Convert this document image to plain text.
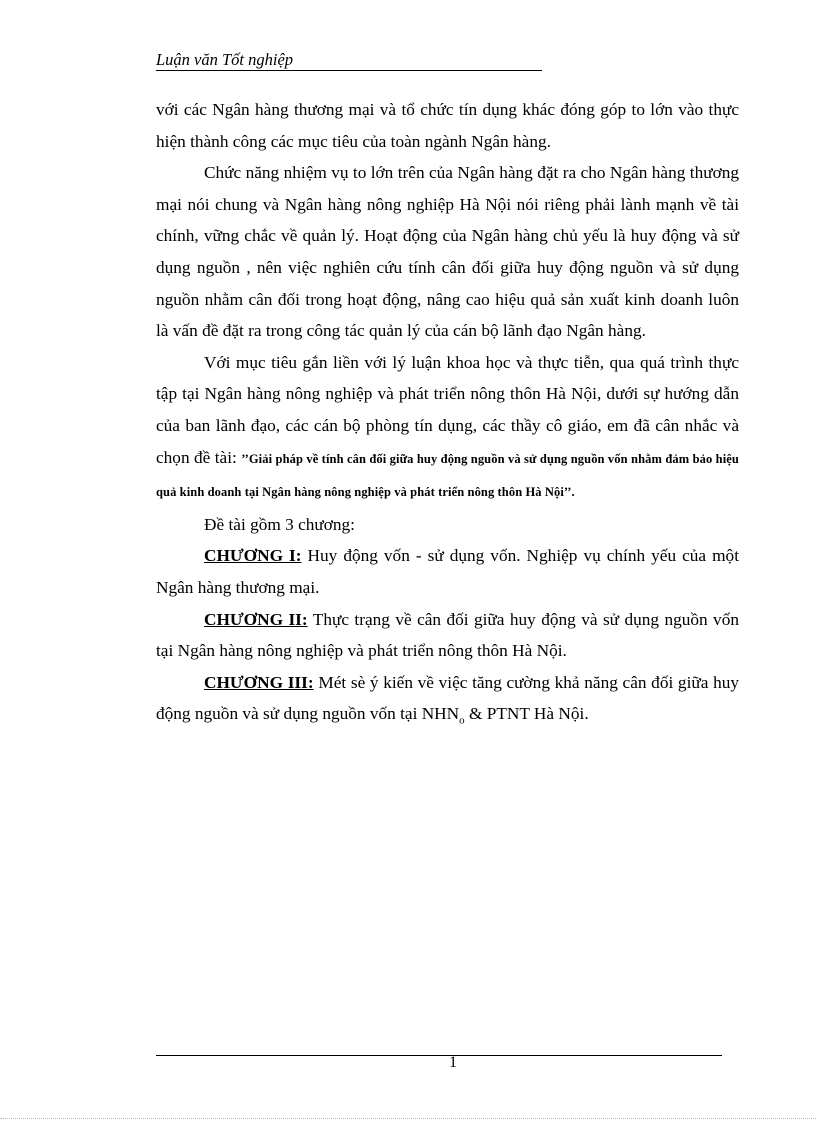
Luận văn Tốt nghiệp

với các Ngân hàng thương mại và tổ chức tín dụng khác đóng góp to lớn vào thực hiện thành công các mục tiêu của toàn ngành Ngân hàng.

Chức năng nhiệm vụ to lớn trên của Ngân hàng đặt ra cho Ngân hàng thương mại nói chung và Ngân hàng nông nghiệp Hà Nội nói riêng phải lành mạnh về tài chính, vững chắc về quản lý. Hoạt động của Ngân hàng chủ yếu là huy động và sử dụng nguồn , nên việc nghiên cứu tính cân đối giữa huy động nguồn và sử dụng nguồn nhằm cân đối trong hoạt động, nâng cao hiệu quả sản xuất kinh doanh luôn là vấn đề đặt ra trong công tác quản lý của cán bộ lãnh đạo Ngân hàng.

Với mục tiêu gắn liền với lý luận khoa học và thực tiễn, qua quá trình thực tập tại Ngân hàng nông nghiệp và phát triển nông thôn Hà Nội, dưới sự hướng dẫn của ban lãnh đạo, các cán bộ phòng tín dụng, các thầy cô giáo, em đã cân nhắc và chọn đề tài: ’’Giải pháp về tính cân đối giữa huy động nguồn và sử dụng nguồn vốn nhằm đảm bảo hiệu quả kinh doanh tại Ngân hàng nông nghiệp và phát triển nông thôn Hà Nội’’.

Đề tài gồm 3 chương:

CHƯƠNG I: Huy động vốn - sử dụng vốn. Nghiệp vụ chính yếu của một Ngân hàng thương mại.

CHƯƠNG II: Thực trạng về cân đối giữa huy động và sử dụng nguồn vốn tại Ngân hàng nông nghiệp và phát triển nông thôn Hà Nội.

CHƯƠNG III: Mét sè ý kiến về việc tăng cường khả năng cân đối giữa huy động nguồn và sử dụng nguồn vốn tại $NHN_o$ & PTNT Hà Nội.

1
